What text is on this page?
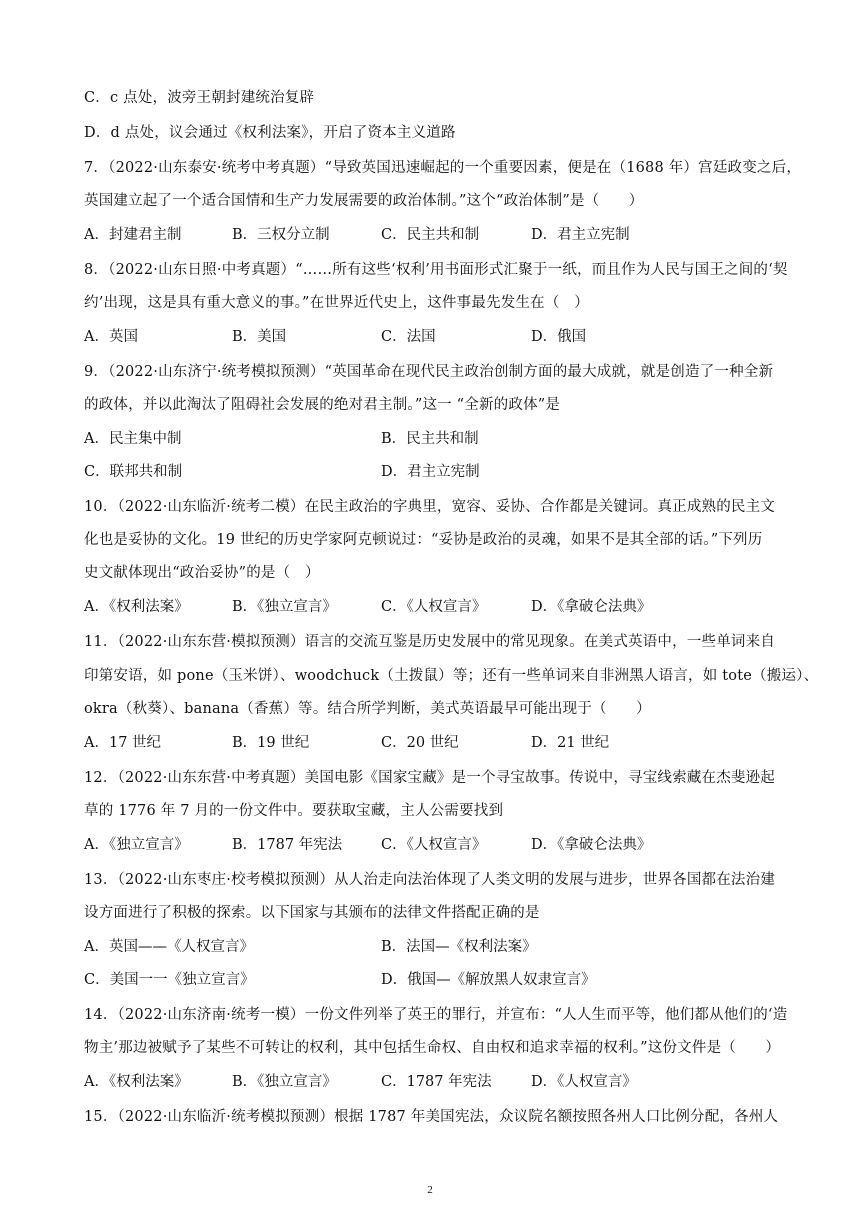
C．c 点处，波旁王朝封建统治复辟
D．d 点处，议会通过《权利法案》，开启了资本主义道路
7．（2022·山东泰安·统考中考真题）“导致英国迅速崛起的一个重要因素，便是在（1688 年）宫廷政变之后，
英国建立起了一个适合国情和生产力发展需要的政治体制。”这个“政治体制”是（　　）
A．封建君主制	B．三权分立制	C．民主共和制	D．君主立宪制
8．（2022·山东日照·中考真题）“……所有这些‘权利’用书面形式汇聚于一纸，而且作为人民与国王之间的‘契
约’出现，这是具有重大意义的事。”在世界近代史上，这件事最先发生在（　）
A．英国	B．美国	C．法国	D．俄国
9．（2022·山东济宁·统考模拟预测）“英国革命在现代民主政治创制方面的最大成就，就是创造了一种全新
的政体，并以此淘汰了阻碍社会发展的绝对君主制。”这一 “全新的政体”是
A．民主集中制	B．民主共和制
C．联邦共和制	D．君主立宪制
10．（2022·山东临沂·统考二模）在民主政治的字典里，宽容、妥协、合作都是关键词。真正成熟的民主文
化也是妥协的文化。19 世纪的历史学家阿克顿说过：“妥协是政治的灵魂，如果不是其全部的话。”下列历
史文献体现出“政治妥协”的是（　）
A．《权利法案》	B．《独立宣言》	C．《人权宣言》	D．《拿破仑法典》
11．（2022·山东东营·模拟预测）语言的交流互鉴是历史发展中的常见现象。在美式英语中，一些单词来自
印第安语，如 pone（玉米饼）、woodchuck（土拨鼠）等；还有一些单词来自非洲黑人语言，如 tote（搬运）、
okra（秋葵）、banana（香蕉）等。结合所学判断，美式英语最早可能出现于（　　）
A．17 世纪	B．19 世纪	C．20 世纪	D．21 世纪
12．（2022·山东东营·中考真题）美国电影《国家宝藏》是一个寻宝故事。传说中，寻宝线索藏在杰斐逊起
草的 1776 年 7 月的一份文件中。要获取宝藏，主人公需要找到
A．《独立宣言》	B．1787 年宪法	C．《人权宣言》	D．《拿破仑法典》
13．（2022·山东枣庄·校考模拟预测）从人治走向法治体现了人类文明的发展与进步，世界各国都在法治建
设方面进行了积极的探索。以下国家与其颁布的法律文件搭配正确的是
A．英国——《人权宣言》	B．法国—《权利法案》
C．美国一一《独立宣言》	D．俄国—《解放黑人奴隶宣言》
14．（2022·山东济南·统考一模）一份文件列举了英王的罪行，并宣布：“人人生而平等，他们都从他们的‘造
物主’那边被赋予了某些不可转让的权利，其中包括生命权、自由权和追求幸福的权利。”这份文件是（　　）
A．《权利法案》	B．《独立宣言》	C．1787 年宪法	D．《人权宣言》
15．（2022·山东临沂·统考模拟预测）根据 1787 年美国宪法，众议院名额按照各州人口比例分配，各州人
2
